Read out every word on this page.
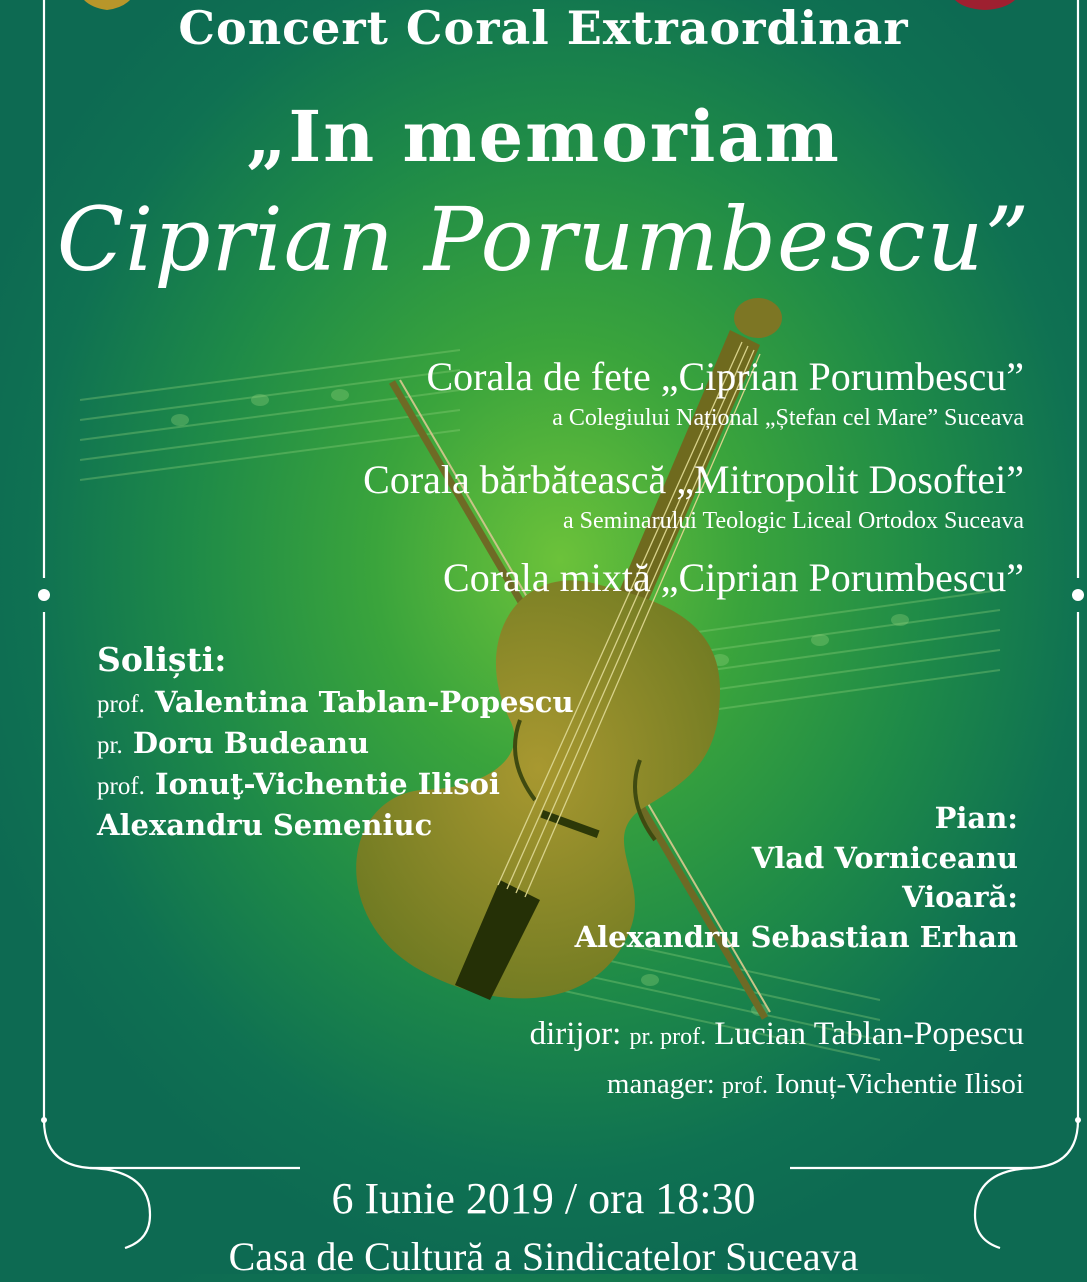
Concert Coral Extraordinar
„In memoriam
Ciprian Porumbescu”
Corala de fete „Ciprian Porumbescu”
a Colegiului Național „Ștefan cel Mare” Suceava
Corala bărbătească „Mitropolit Dosoftei”
a Seminarului Teologic Liceal Ortodox Suceava
Corala mixtă „Ciprian Porumbescu”
Soliști:
prof. Valentina Tablan-Popescu
pr. Doru Budeanu
prof. Ionuţ-Vichentie Ilisoi
Alexandru Semeniuc	Pian:
Vlad Vorniceanu
Vioară:
Alexandru Sebastian Erhan
dirijor: pr. prof. Lucian Tablan-Popescu
manager: prof. Ionuț-Vichentie Ilisoi
6 Iunie 2019 / ora 18:30
Casa de Cultură a Sindicatelor Suceava
